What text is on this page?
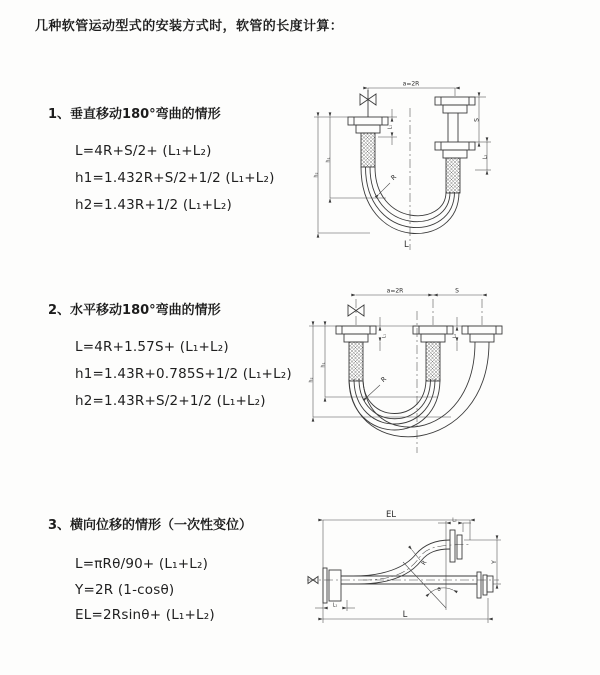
几种软管运动型式的安装方式时，软管的长度计算：
1、垂直移动180°弯曲的情形
L=4R+S/2+ (L₁+L₂)
h1=1.432R+S/2+1/2 (L₁+L₂)
h2=1.43R+1/2 (L₁+L₂)
2、水平移动180°弯曲的情形
L=4R+1.57S+ (L₁+L₂)
h1=1.43R+0.785S+1/2 (L₁+L₂)
h2=1.43R+S/2+1/2 (L₁+L₂)
3、横向位移的情形（一次性变位）
L=πRθ/90+ (L₁+L₂)
Y=2R (1-cosθ)
EL=2Rsinθ+ (L₁+L₂)
a=2R
L₁
S
L₂
h₁
h₂	R
L
a=2R	S
L₁	L₂
h₁
h₂	R
EL
L₂
Y
θ
R
L₁
L
